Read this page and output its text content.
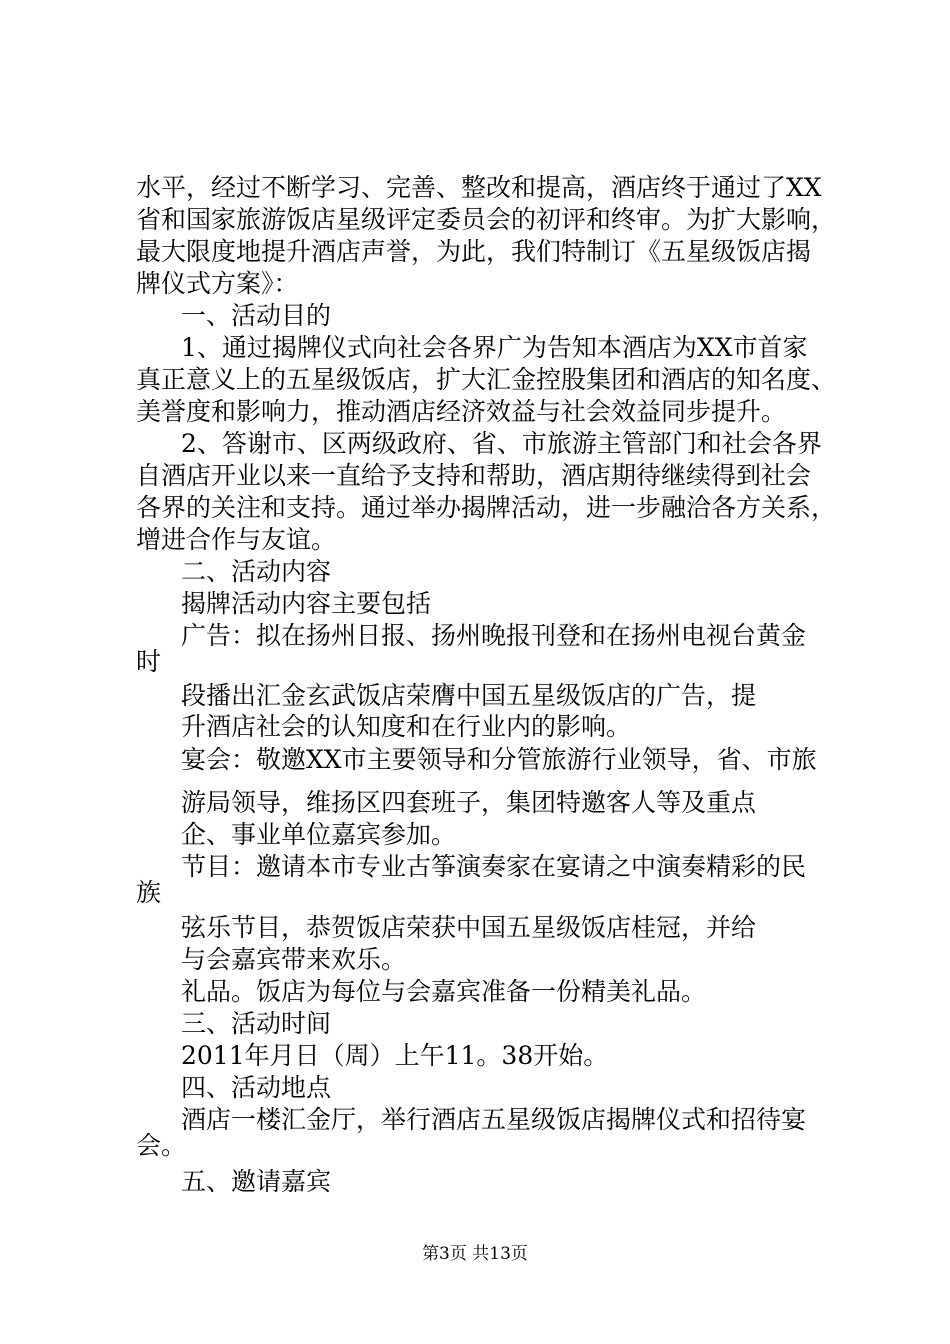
水平，经过不断学习、完善、整改和提高，酒店终于通过了XX
省和国家旅游饭店星级评定委员会的初评和终审。为扩大影响，
最大限度地提升酒店声誉，为此，我们特制订《五星级饭店揭
牌仪式方案》：
一、活动目的
1、通过揭牌仪式向社会各界广为告知本酒店为XX市首家
真正意义上的五星级饭店，扩大汇金控股集团和酒店的知名度、
美誉度和影响力，推动酒店经济效益与社会效益同步提升。
2、答谢市、区两级政府、省、市旅游主管部门和社会各界
自酒店开业以来一直给予支持和帮助，酒店期待继续得到社会
各界的关注和支持。通过举办揭牌活动，进一步融洽各方关系，
增进合作与友谊。
二、活动内容
揭牌活动内容主要包括
广告：拟在扬州日报、扬州晚报刊登和在扬州电视台黄金
时
段播出汇金玄武饭店荣膺中国五星级饭店的广告，提
升酒店社会的认知度和在行业内的影响。
宴会：敬邀XX市主要领导和分管旅游行业领导，省、市旅
游局领导，维扬区四套班子，集团特邀客人等及重点
企、事业单位嘉宾参加。
节目：邀请本市专业古筝演奏家在宴请之中演奏精彩的民
族
弦乐节目，恭贺饭店荣获中国五星级饭店桂冠，并给
与会嘉宾带来欢乐。
礼品。饭店为每位与会嘉宾准备一份精美礼品。
三、活动时间
2011年月日（周）上午11。38开始。
四、活动地点
酒店一楼汇金厅，举行酒店五星级饭店揭牌仪式和招待宴
会。
五、邀请嘉宾
第3页 共13页
